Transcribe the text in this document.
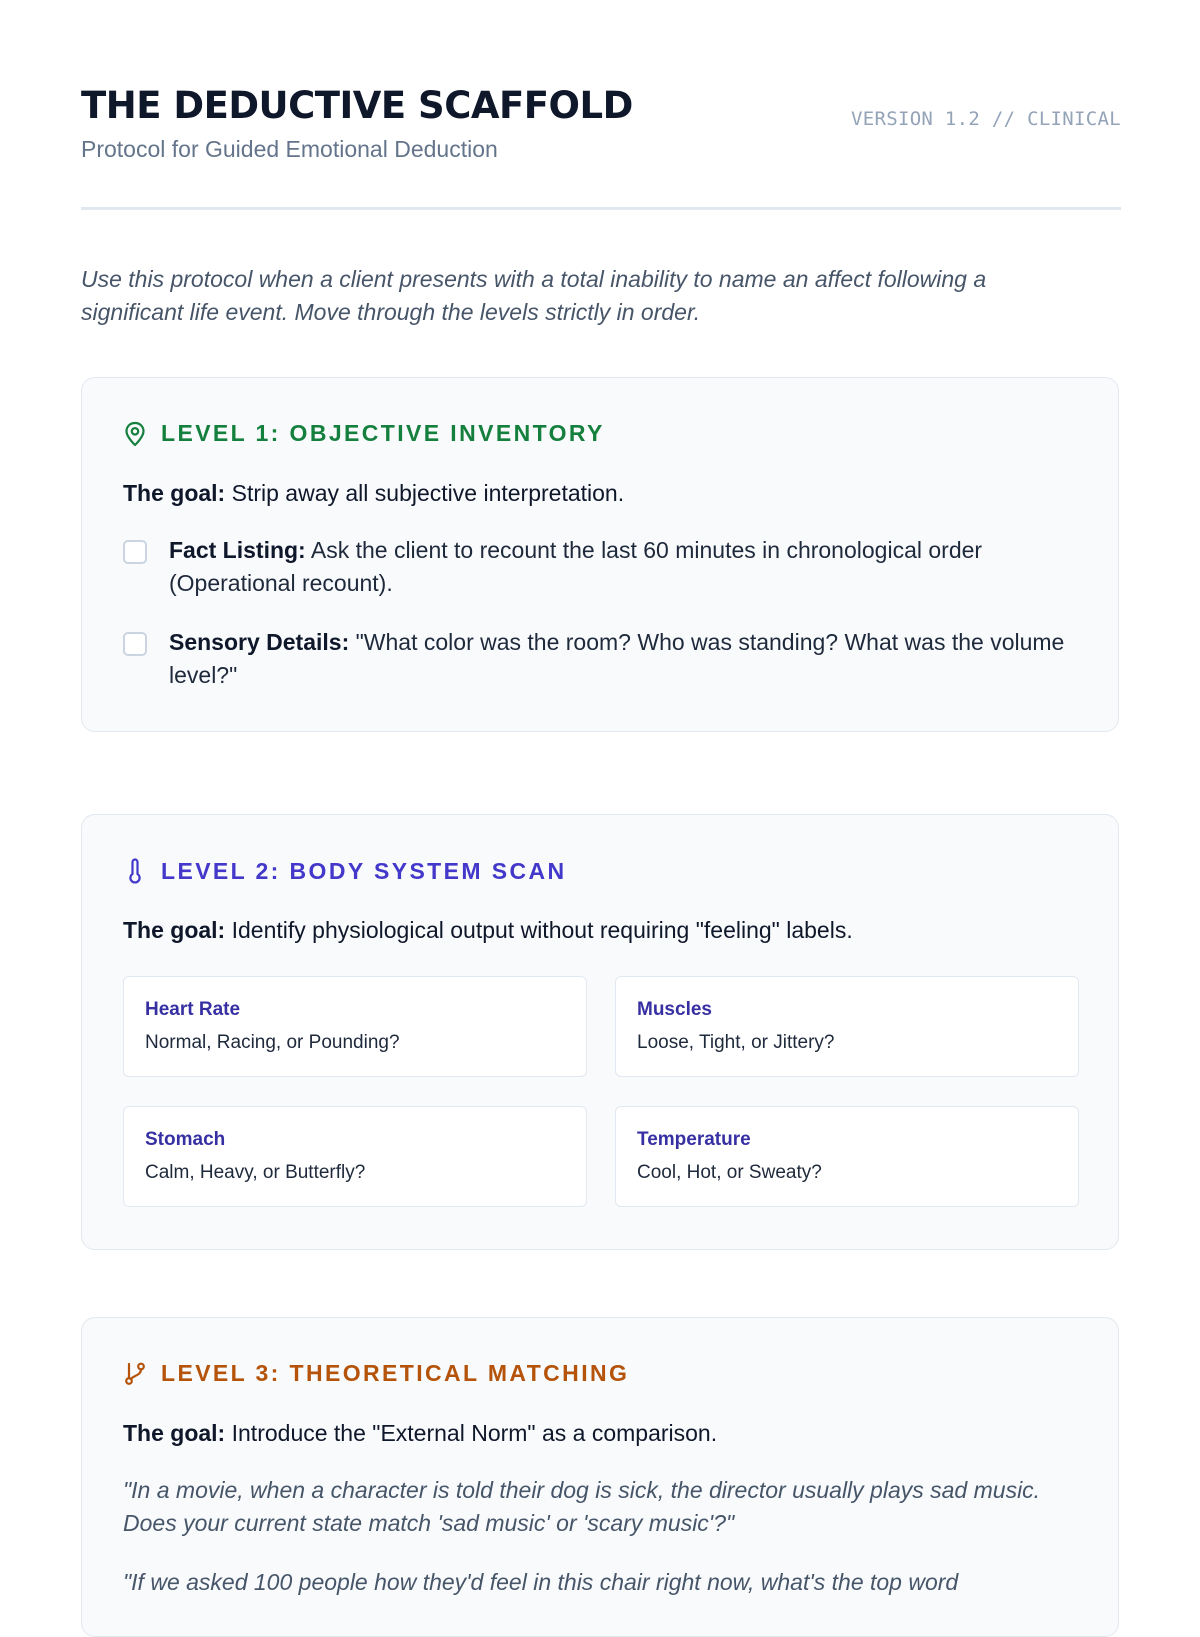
THE DEDUCTIVE SCAFFOLD
Protocol for Guided Emotional Deduction
VERSION 1.2 // CLINICAL

Use this protocol when a client presents with a total inability to name an affect following a significant life event. Move through the levels strictly in order.

LEVEL 1: OBJECTIVE INVENTORY
The goal: Strip away all subjective interpretation.
Fact Listing: Ask the client to recount the last 60 minutes in chronological order (Operational recount).
Sensory Details: "What color was the room? Who was standing? What was the volume level?"
LEVEL 2: BODY SYSTEM SCAN
The goal: Identify physiological output without requiring "feeling" labels.
Heart Rate
Normal, Racing, or Pounding?
Muscles
Loose, Tight, or Jittery?
Stomach
Calm, Heavy, or Butterfly?
Temperature
Cool, Hot, or Sweaty?
LEVEL 3: THEORETICAL MATCHING
The goal: Introduce the "External Norm" as a comparison.

"In a movie, when a character is told their dog is sick, the director usually plays sad music. Does your current state match 'sad music' or 'scary music'?"

"If we asked 100 people how they'd feel in this chair right now, what's the top word
